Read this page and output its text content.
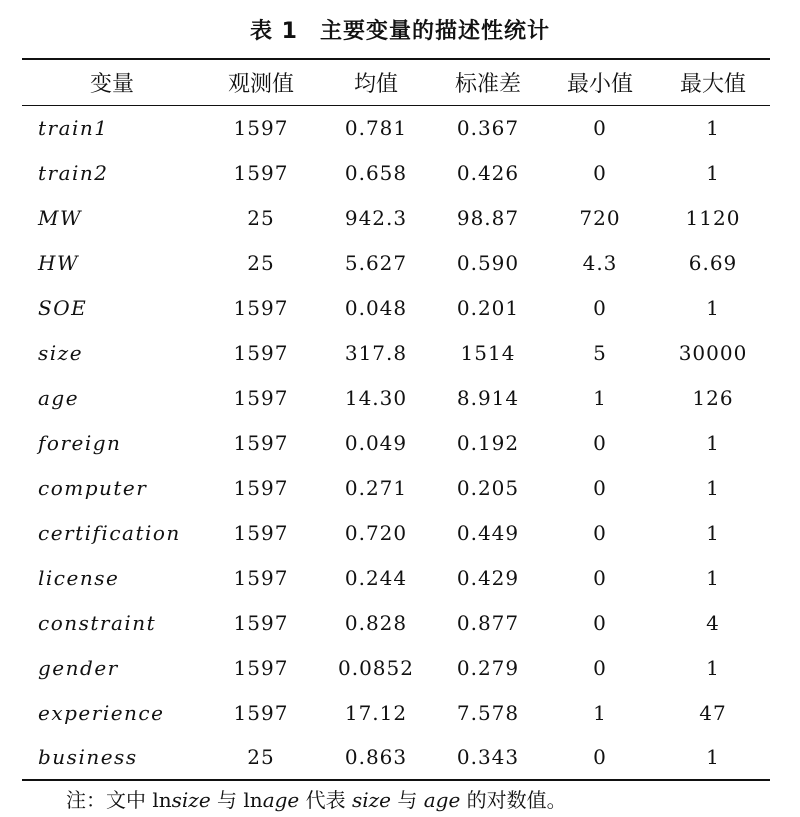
表 1 主要变量的描述性统计
变量	观测值	均值	标准差	最小值	最大值
train1	1597	0.781	0.367	0	1
train2	1597	0.658	0.426	0	1
MW	25	942.3	98.87	720	1120
HW	25	5.627	0.590	4.3	6.69
SOE	1597	0.048	0.201	0	1
size	1597	317.8	1514	5	30000
age	1597	14.30	8.914	1	126
foreign	1597	0.049	0.192	0	1
computer	1597	0.271	0.205	0	1
certification	1597	0.720	0.449	0	1
license	1597	0.244	0.429	0	1
constraint	1597	0.828	0.877	0	4
gender	1597	0.0852	0.279	0	1
experience	1597	17.12	7.578	1	47
business	25	0.863	0.343	0	1
注：文中 lnsize 与 lnage 代表 size 与 age 的对数值。
